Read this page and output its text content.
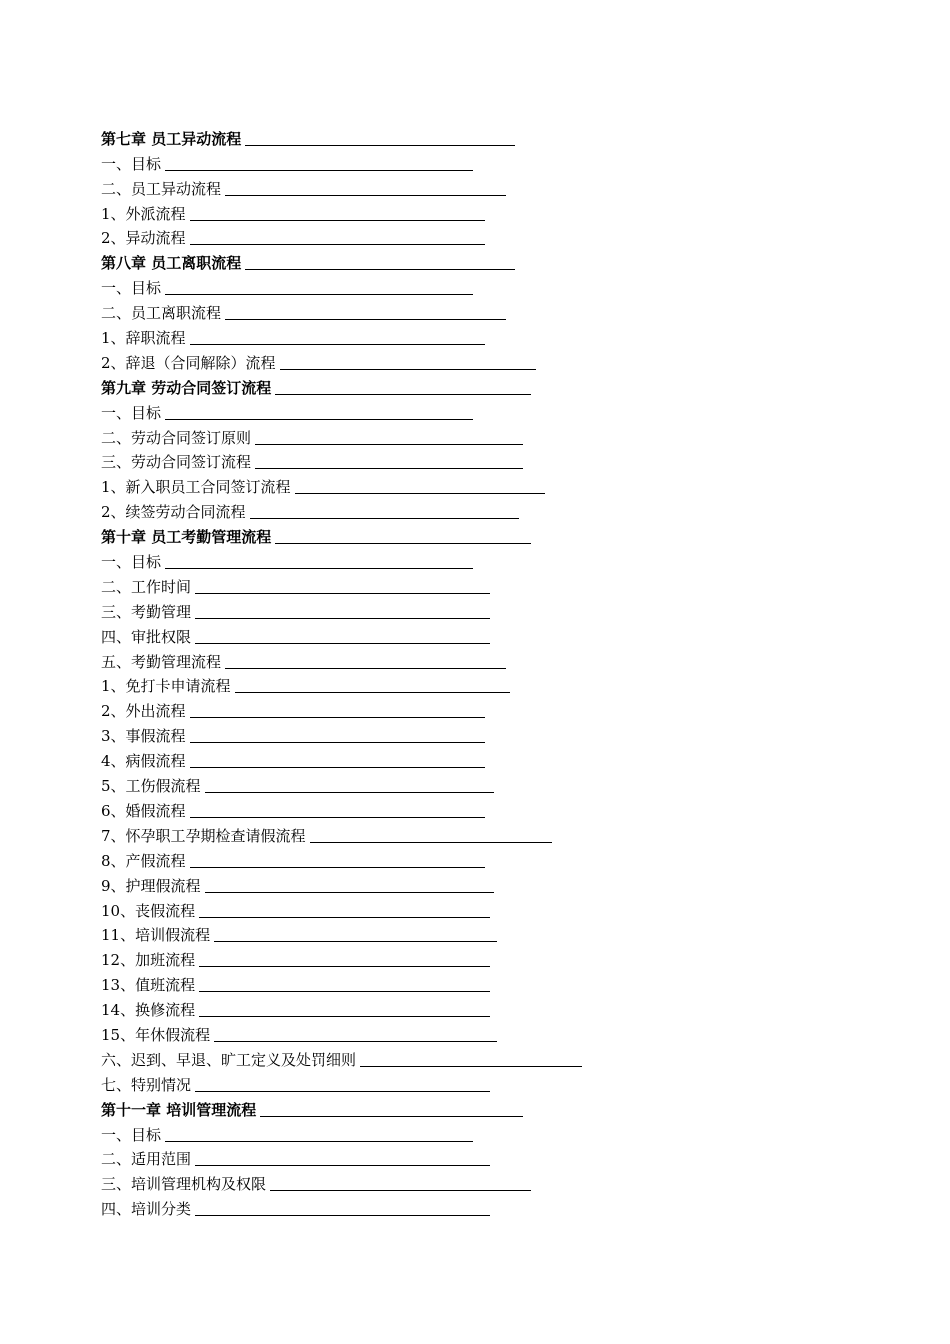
第七章 员工异动流程
一、目标
二、员工异动流程
1、外派流程
2、异动流程
第八章 员工离职流程
一、目标
二、员工离职流程
1、辞职流程
2、辞退（合同解除）流程
第九章 劳动合同签订流程
一、目标
二、劳动合同签订原则
三、劳动合同签订流程
1、新入职员工合同签订流程
2、续签劳动合同流程
第十章 员工考勤管理流程
一、目标
二、工作时间
三、考勤管理
四、审批权限
五、考勤管理流程
1、免打卡申请流程
2、外出流程
3、事假流程
4、病假流程
5、工伤假流程
6、婚假流程
7、怀孕职工孕期检查请假流程
8、产假流程
9、护理假流程
10、丧假流程
11、培训假流程
12、加班流程
13、值班流程
14、换修流程
15、年休假流程
六、迟到、早退、旷工定义及处罚细则
七、特别情况
第十一章 培训管理流程
一、目标
二、适用范围
三、培训管理机构及权限
四、培训分类
